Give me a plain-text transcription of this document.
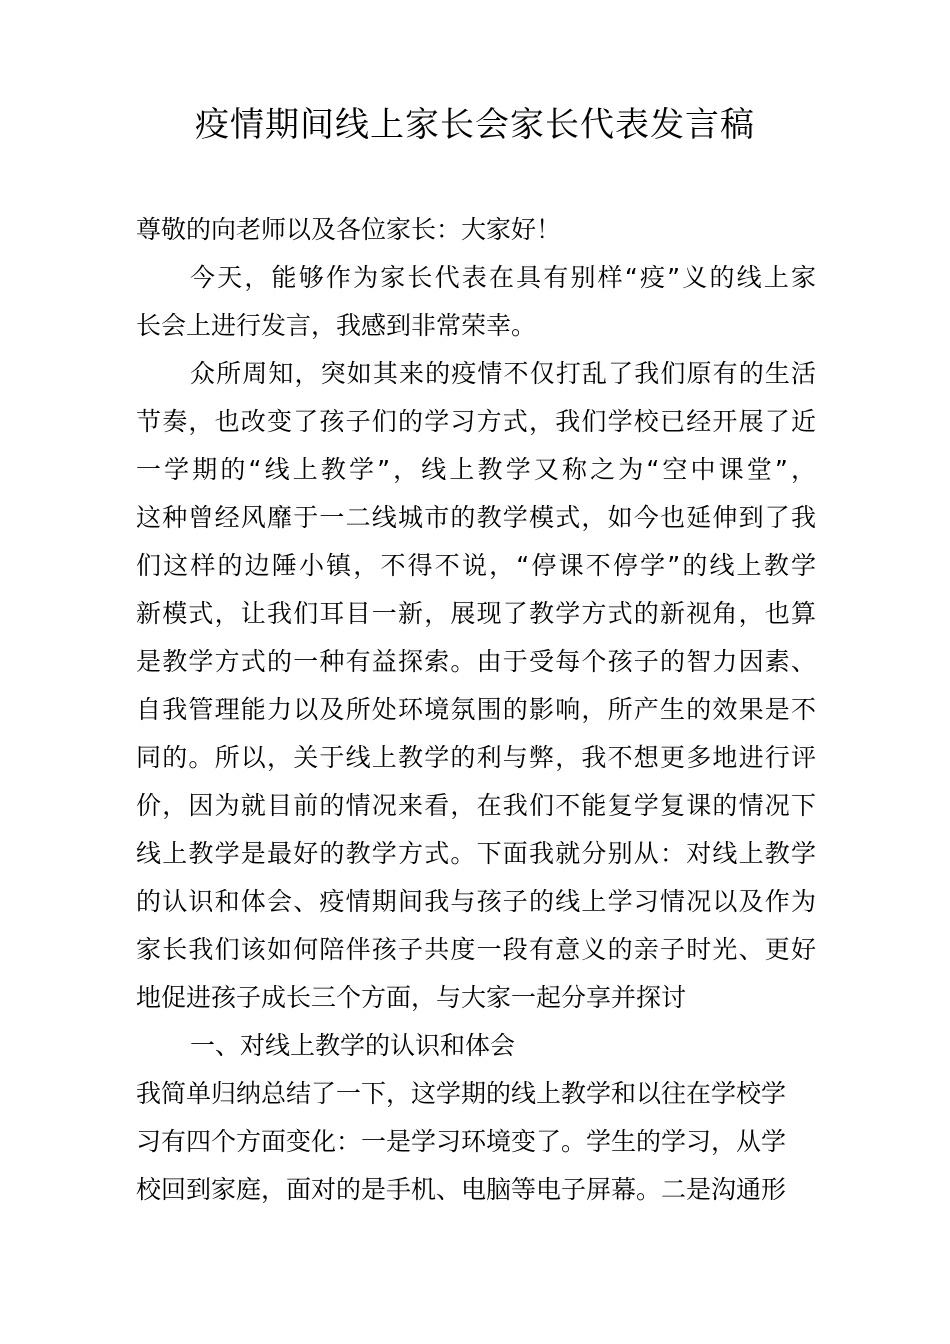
疫情期间线上家长会家长代表发言稿
尊敬的向老师以及各位家长：大家好！
今天，能够作为家长代表在具有别样“疫”义的线上家
长会上进行发言，我感到非常荣幸。
众所周知，突如其来的疫情不仅打乱了我们原有的生活
节奏，也改变了孩子们的学习方式，我们学校已经开展了近
一学期的“线上教学”，线上教学又称之为“空中课堂”，
这种曾经风靡于一二线城市的教学模式，如今也延伸到了我
们这样的边陲小镇，不得不说，“停课不停学”的线上教学
新模式，让我们耳目一新，展现了教学方式的新视角，也算
是教学方式的一种有益探索。由于受每个孩子的智力因素、
自我管理能力以及所处环境氛围的影响，所产生的效果是不
同的。所以，关于线上教学的利与弊，我不想更多地进行评
价，因为就目前的情况来看，在我们不能复学复课的情况下
线上教学是最好的教学方式。下面我就分别从：对线上教学
的认识和体会、疫情期间我与孩子的线上学习情况以及作为
家长我们该如何陪伴孩子共度一段有意义的亲子时光、更好
地促进孩子成长三个方面，与大家一起分享并探讨
一、对线上教学的认识和体会
我简单归纳总结了一下，这学期的线上教学和以往在学校学
习有四个方面变化：一是学习环境变了。学生的学习，从学
校回到家庭，面对的是手机、电脑等电子屏幕。二是沟通形
